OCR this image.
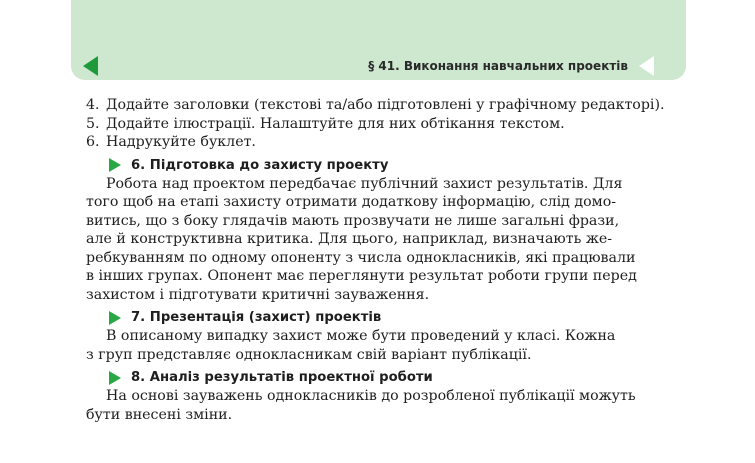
§ 41. Виконання навчальних проектів
4. Додайте заголовки (текстові та/або підготовлені у графічному редакторі).
5. Додайте ілюстрації. Налаштуйте для них обтікання текстом.
6. Надрукуйте буклет.
6. Підготовка до захисту проекту
Робота над проектом передбачає публічний захист результатів. Для
того щоб на етапі захисту отримати додаткову інформацію, слід домо-
витись, що з боку глядачів мають прозвучати не лише загальні фрази,
але й конструктивна критика. Для цього, наприклад, визначають же-
ребкуванням по одному опоненту з числа однокласників, які працювали
в інших групах. Опонент має переглянути результат роботи групи перед
захистом і підготувати критичні зауваження.
7. Презентація (захист) проектів
В описаному випадку захист може бути проведений у класі. Кожна
з груп представляє однокласникам свій варіант публікації.
8. Аналіз результатів проектної роботи
На основі зауважень однокласників до розробленої публікації можуть
бути внесені зміни.
